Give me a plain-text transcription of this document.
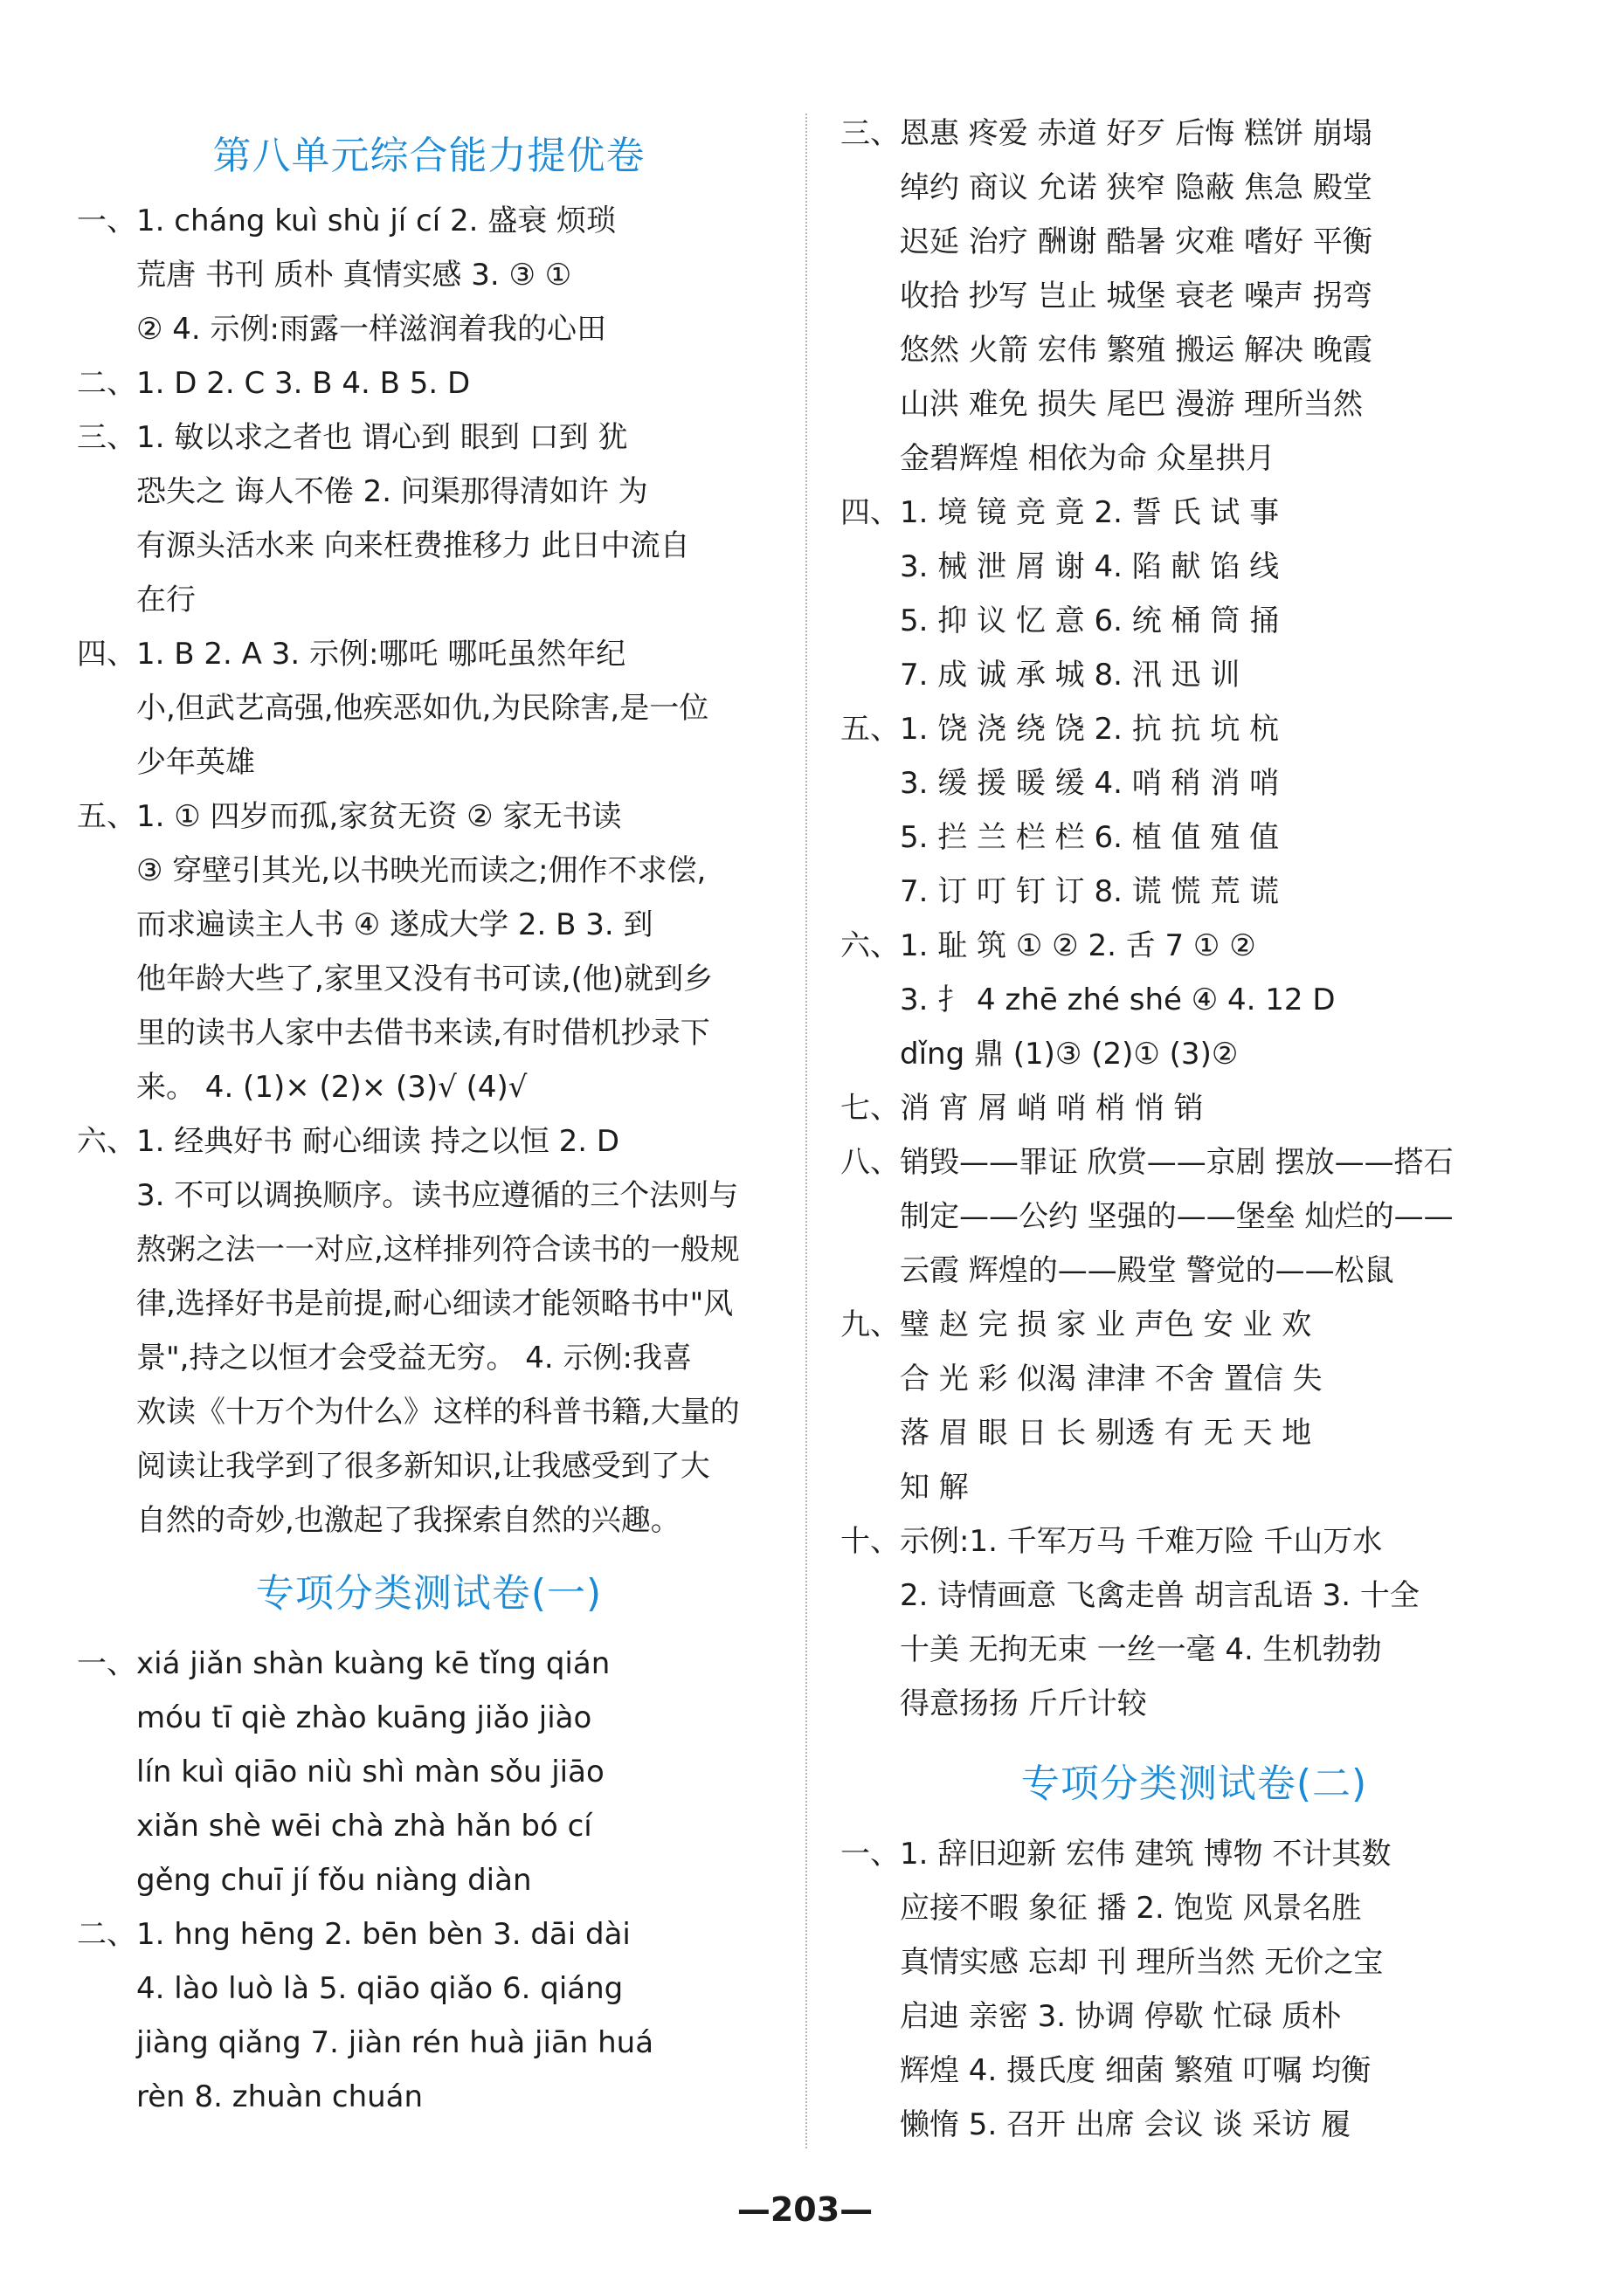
第八单元综合能力提优卷
一、1. cháng kuì shù jí cí 2. 盛衰 烦琐
荒唐 书刊 质朴 真情实感 3. ③ ①
② 4. 示例:雨露一样滋润着我的心田
二、1. D 2. C 3. B 4. B 5. D
三、1. 敏以求之者也 谓心到 眼到 口到 犹
恐失之 诲人不倦 2. 问渠那得清如许 为
有源头活水来 向来枉费推移力 此日中流自
在行
四、1. B 2. A 3. 示例:哪吒 哪吒虽然年纪
小,但武艺高强,他疾恶如仇,为民除害,是一位
少年英雄
五、1. ① 四岁而孤,家贫无资 ② 家无书读
③ 穿壁引其光,以书映光而读之;佣作不求偿,
而求遍读主人书 ④ 遂成大学 2. B 3. 到
他年龄大些了,家里又没有书可读,(他)就到乡
里的读书人家中去借书来读,有时借机抄录下
来。 4. (1)× (2)× (3)√ (4)√
六、1. 经典好书 耐心细读 持之以恒 2. D
3. 不可以调换顺序。读书应遵循的三个法则与
熬粥之法一一对应,这样排列符合读书的一般规
律,选择好书是前提,耐心细读才能领略书中"风
景",持之以恒才会受益无穷。 4. 示例:我喜
欢读《十万个为什么》这样的科普书籍,大量的
阅读让我学到了很多新知识,让我感受到了大
自然的奇妙,也激起了我探索自然的兴趣。
专项分类测试卷(一)
一、xiá jiǎn shàn kuàng kē tǐng qián
móu tī qiè zhào kuāng jiǎo jiào
lín kuì qiāo niù shì màn sǒu jiāo
xiǎn shè wēi chà zhà hǎn bó cí
gěng chuī jí fǒu niàng diàn
二、1. hng hēng 2. bēn bèn 3. dāi dài
4. lào luò là 5. qiāo qiǎo 6. qiáng
jiàng qiǎng 7. jiàn rén huà jiān huá
rèn 8. zhuàn chuán
三、恩惠 疼爱 赤道 好歹 后悔 糕饼 崩塌
绰约 商议 允诺 狭窄 隐蔽 焦急 殿堂
迟延 治疗 酬谢 酷暑 灾难 嗜好 平衡
收拾 抄写 岂止 城堡 衰老 噪声 拐弯
悠然 火箭 宏伟 繁殖 搬运 解决 晚霞
山洪 难免 损失 尾巴 漫游 理所当然
金碧辉煌 相依为命 众星拱月
四、1. 境 镜 竞 竟 2. 誓 氏 试 事
3. 械 泄 屑 谢 4. 陷 献 馅 线
5. 抑 议 忆 意 6. 统 桶 筒 捅
7. 成 诚 承 城 8. 汛 迅 训
五、1. 饶 浇 绕 饶 2. 抗 抗 坑 杭
3. 缓 援 暖 缓 4. 哨 稍 消 哨
5. 拦 兰 栏 栏 6. 植 值 殖 值
7. 订 叮 钉 订 8. 谎 慌 荒 谎
六、1. 耻 筑 ① ② 2. 舌 7 ① ②
3. 扌 4 zhē zhé shé ④ 4. 12 D
dǐng 鼎 (1)③ (2)① (3)②
七、消 宵 屑 峭 哨 梢 悄 销
八、销毁——罪证 欣赏——京剧 摆放——搭石
制定——公约 坚强的——堡垒 灿烂的——
云霞 辉煌的——殿堂 警觉的——松鼠
九、璧 赵 完 损 家 业 声色 安 业 欢
合 光 彩 似渴 津津 不舍 置信 失
落 眉 眼 日 长 剔透 有 无 天 地
知 解
十、示例:1. 千军万马 千难万险 千山万水
2. 诗情画意 飞禽走兽 胡言乱语 3. 十全
十美 无拘无束 一丝一毫 4. 生机勃勃
得意扬扬 斤斤计较
专项分类测试卷(二)
一、1. 辞旧迎新 宏伟 建筑 博物 不计其数
应接不暇 象征 播 2. 饱览 风景名胜
真情实感 忘却 刊 理所当然 无价之宝
启迪 亲密 3. 协调 停歇 忙碌 质朴
辉煌 4. 摄氏度 细菌 繁殖 叮嘱 均衡
懒惰 5. 召开 出席 会议 谈 采访 履
—203—
